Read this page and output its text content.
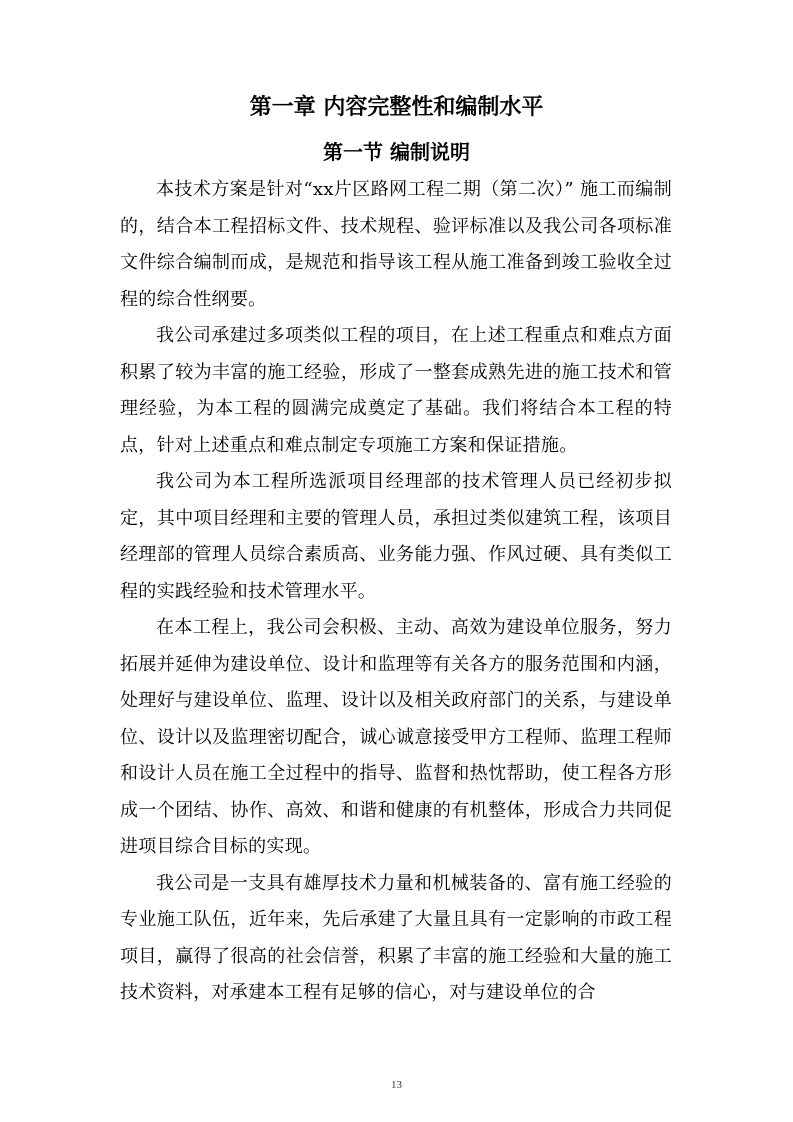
第一章 内容完整性和编制水平
第一节 编制说明

本技术方案是针对“xx片区路网工程二期（第二次）” 施工而编制的，结合本工程招标文件、技术规程、验评标准以及我公司各项标准文件综合编制而成，是规范和指导该工程从施工准备到竣工验收全过程的综合性纲要。

我公司承建过多项类似工程的项目，在上述工程重点和难点方面积累了较为丰富的施工经验，形成了一整套成熟先进的施工技术和管理经验，为本工程的圆满完成奠定了基础。我们将结合本工程的特点，针对上述重点和难点制定专项施工方案和保证措施。

我公司为本工程所选派项目经理部的技术管理人员已经初步拟定，其中项目经理和主要的管理人员，承担过类似建筑工程，该项目经理部的管理人员综合素质高、业务能力强、作风过硬、具有类似工程的实践经验和技术管理水平。

在本工程上，我公司会积极、主动、高效为建设单位服务，努力拓展并延伸为建设单位、设计和监理等有关各方的服务范围和内涵，处理好与建设单位、监理、设计以及相关政府部门的关系，与建设单位、设计以及监理密切配合，诚心诚意接受甲方工程师、监理工程师和设计人员在施工全过程中的指导、监督和热忱帮助，使工程各方形成一个团结、协作、高效、和谐和健康的有机整体，形成合力共同促进项目综合目标的实现。

我公司是一支具有雄厚技术力量和机械装备的、富有施工经验的专业施工队伍，近年来，先后承建了大量且具有一定影响的市政工程项目，赢得了很高的社会信誉，积累了丰富的施工经验和大量的施工技术资料，对承建本工程有足够的信心，对与建设单位的合

13
